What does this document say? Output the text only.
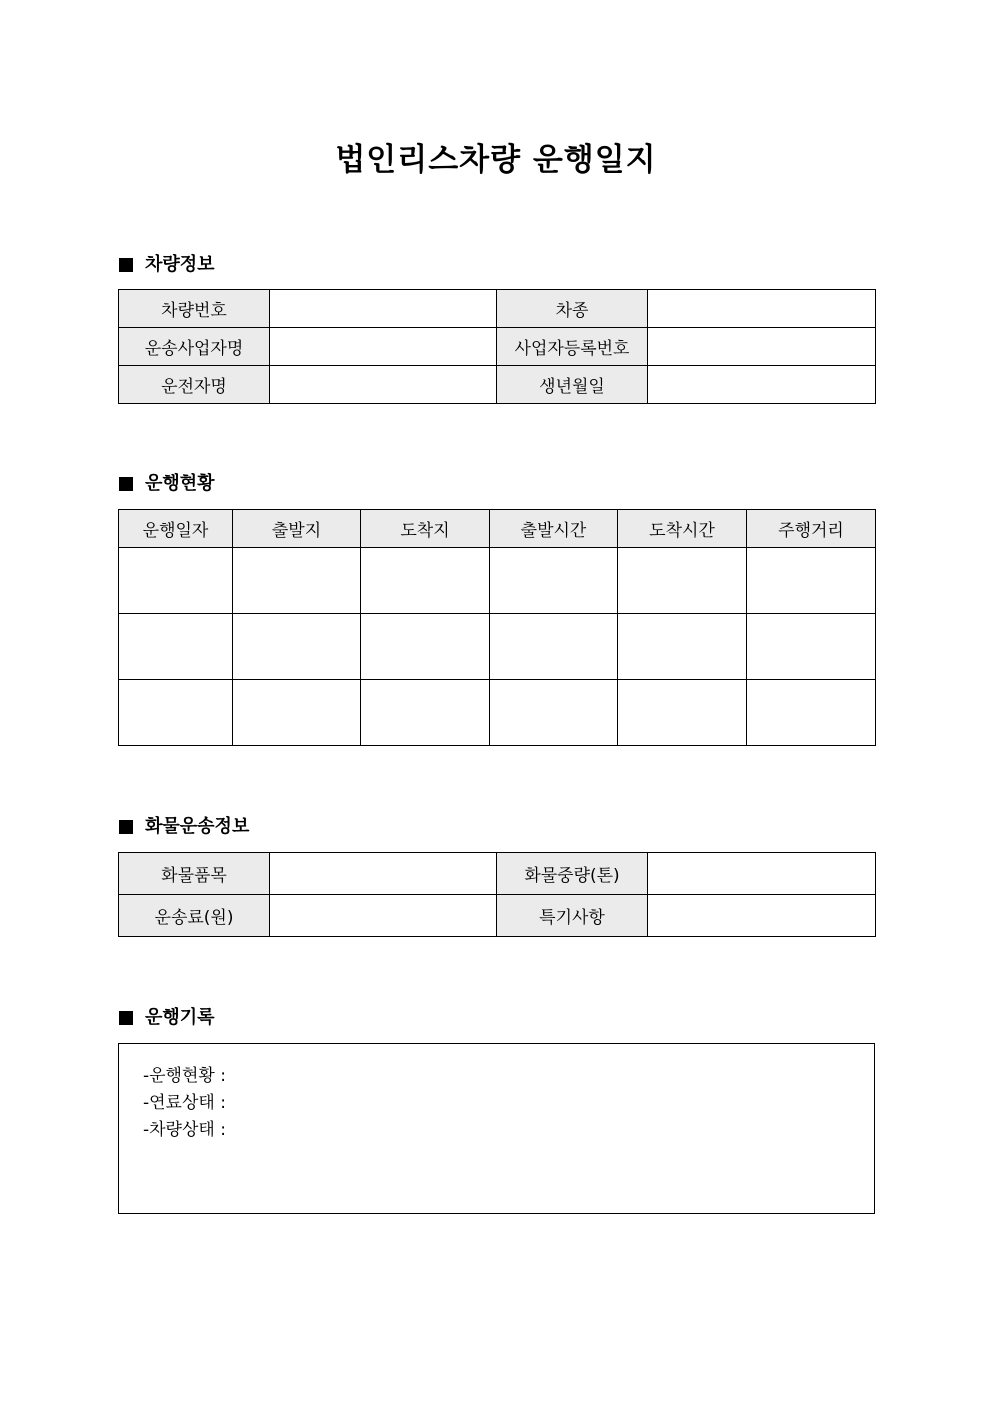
법인리스차량 운행일지
차량정보
차량번호		차종	
운송사업자명		사업자등록번호	
운전자명		생년월일	
운행현황
운행일자	출발지	도착지	출발시간	도착시간	주행거리

화물운송정보
화물품목		화물중량(톤)	
운송료(원)		특기사항	
운행기록
-운행현황 :
-연료상태 :
-차량상태 :
